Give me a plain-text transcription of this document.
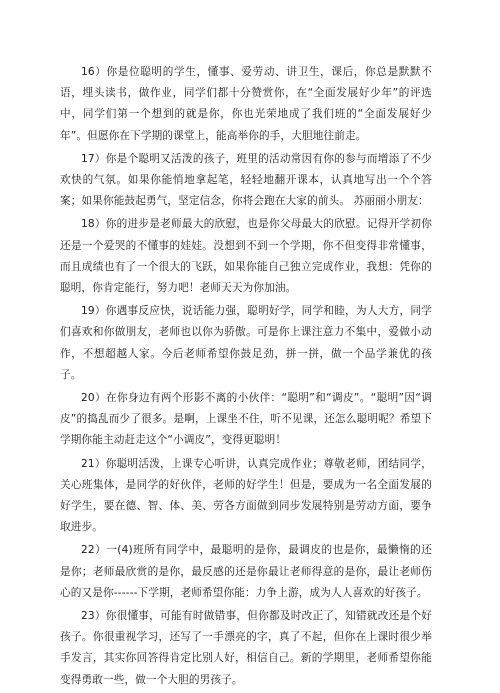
16）你是位聪明的学生，懂事、爱劳动、讲卫生，课后，你总是默默不语，埋头读书，做作业，同学们都十分赞赏你，在“全面发展好少年”的评选中，同学们第一个想到的就是你，你也光荣地成了我们班的“全面发展好少年”。但愿你在下学期的课堂上，能高举你的手，大胆地往前走。

17）你是个聪明又活泼的孩子，班里的活动常因有你的参与而增添了不少欢快的气氛。如果你能悄地拿起笔，轻轻地翻开课本，认真地写出一个个答案；如果你能鼓起勇气，坚定信念，你将会跑在大家的前头。 苏丽丽小朋友：

18）你的进步是老师最大的欣慰，也是你父母最大的欣慰。记得开学初你还是一个爱哭的不懂事的娃娃。没想到不到一个学期，你不但变得非常懂事，而且成绩也有了一个很大的飞跃，如果你能自己独立完成作业，我想：凭你的聪明，你肯定能行，努力吧！老师天天为你加油。

19）你遇事反应快，说话能力强，聪明好学，同学和睦，为人大方，同学们喜欢和你做朋友，老师也以你为骄傲。可是你上课注意力不集中，爱做小动作，不想超越人家。今后老师希望你鼓足劲，拼一拼，做一个品学兼优的孩子。

20）在你身边有两个形影不离的小伙伴：“聪明”和“调皮”。“聪明”因“调皮”的捣乱而少了很多。是啊，上课坐不住，听不见课，还怎么聪明呢？希望下学期你能主动赶走这个“小调皮”，变得更聪明！

21）你聪明活泼，上课专心听讲，认真完成作业；尊敬老师，团结同学，关心班集体，是同学的好伙伴，老师的好学生！但是，要成为一名全面发展的好学生，要在德、智、体、美、劳各方面做到同步发展特别是劳动方面，要争取进步。

22）一(4)班所有同学中，最聪明的是你，最调皮的也是你，最懒惰的还是你；老师最欣赏的是你，最反感的还是你最让老师得意的是你，最让老师伤心的又是你------下学期，老师希望你能：力争上游，成为人人喜欢的好孩子。

23）你很懂事，可能有时做错事，但你都及时改正了，知错就改还是个好孩子。你很重视学习，还写了一手漂亮的字，真了不起，但你在上课时很少举手发言，其实你回答得肯定比别人好，相信自己。新的学期里，老师希望你能变得勇敢一些，做一个大胆的男孩子。
